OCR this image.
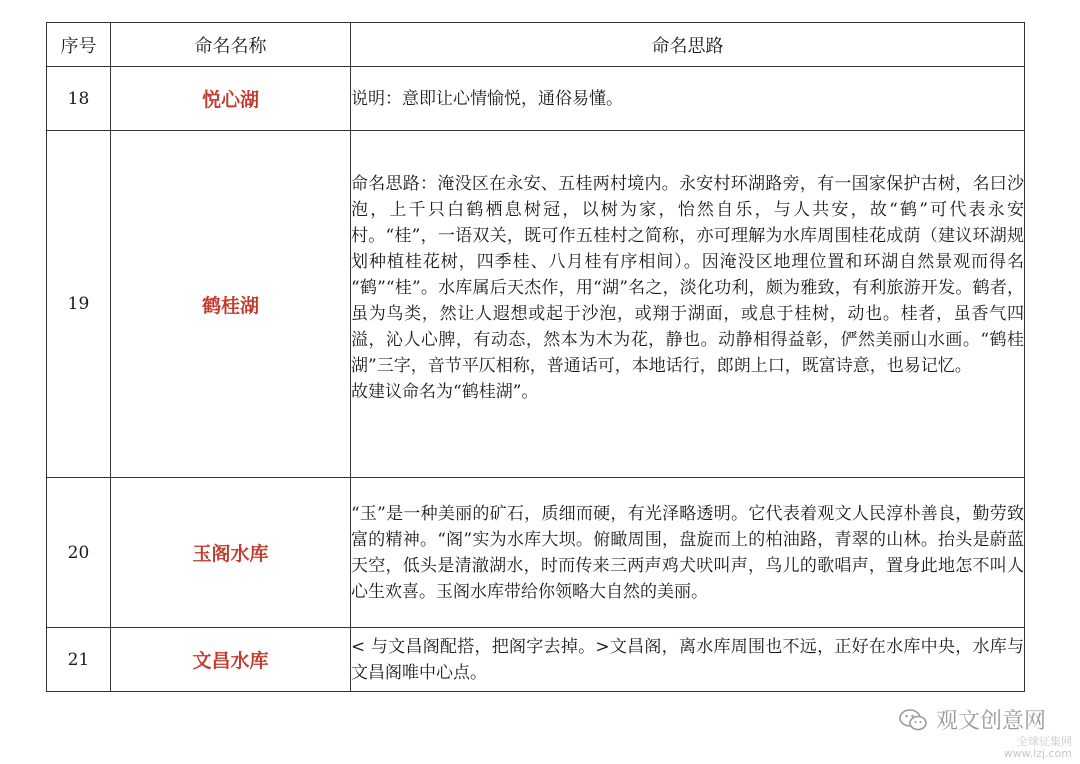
序号	命名名称	命名思路
18	悦心湖	说明：意即让心情愉悦，通俗易懂。

19	鹤桂湖	命名思路：淹没区在永安、五桂两村境内。永安村环湖路旁，有一国家保护古树，名曰沙泡，上千只白鹤栖息树冠，以树为家，怡然自乐，与人共安，故“鹤”可代表永安村。“桂”，一语双关，既可作五桂村之简称，亦可理解为水库周围桂花成荫（建议环湖规划种植桂花树，四季桂、八月桂有序相间）。因淹没区地理位置和环湖自然景观而得名 “鹤”“桂”。水库属后天杰作，用“湖”名之，淡化功利，颇为雅致，有利旅游开发。鹤者，虽为鸟类，然让人遐想或起于沙泡，或翔于湖面，或息于桂树，动也。桂者，虽香气四溢，沁人心脾，有动态，然本为木为花，静也。动静相得益彰，俨然美丽山水画。“鹤桂湖”三字，音节平仄相称，普通话可，本地话行，郎朗上口，既富诗意，也易记忆。
故建议命名为“鹤桂湖”。

20	玉阁水库	“玉”是一种美丽的矿石，质细而硬，有光泽略透明。它代表着观文人民淳朴善良，勤劳致富的精神。“阁”实为水库大坝。俯瞰周围，盘旋而上的柏油路，青翠的山林。抬头是蔚蓝天空，低头是清澈湖水，时而传来三两声鸡犬吠叫声，鸟儿的歌唱声，置身此地怎不叫人心生欢喜。玉阁水库带给你领略大自然的美丽。

21	文昌水库	< 与文昌阁配搭，把阁字去掉。>文昌阁，离水库周围也不远，正好在水库中央，水库与文昌阁唯中心点。
观文创意网
全球征集网
www.lzj.com
